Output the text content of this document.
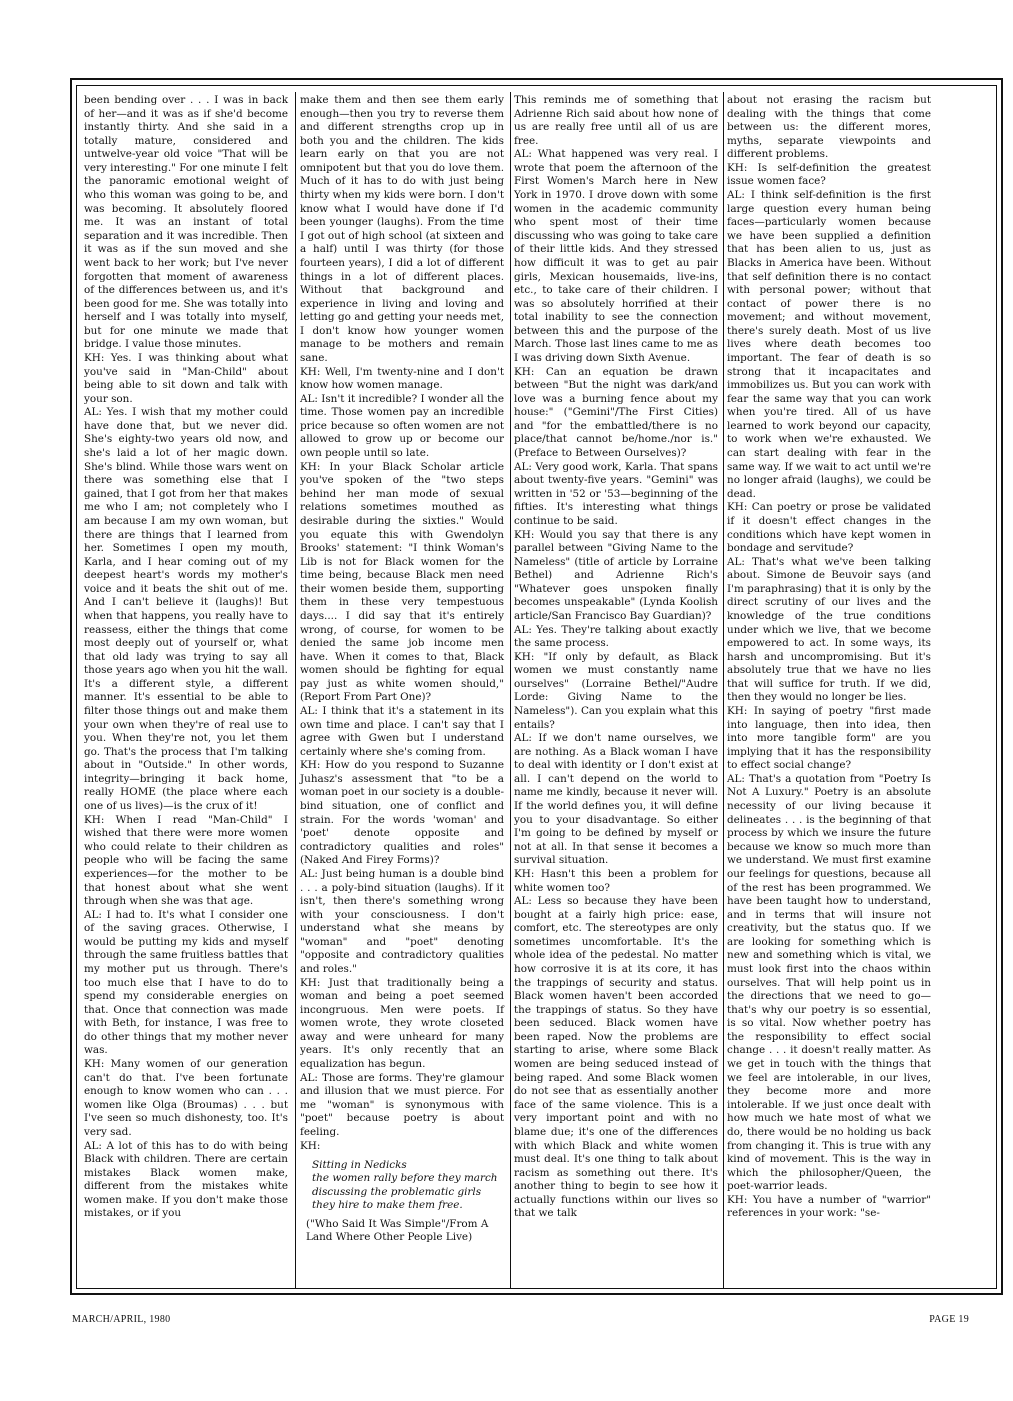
been bending over . . . I was in back of her—and it was as if she'd become instantly thirty. And she said in a totally mature, considered and untwelve-year old voice "That will be very interesting." For one minute I felt the panoramic emotional weight of who this woman was going to be, and was becoming. It absolutely floored me. It was an instant of total separation and it was incredible. Then it was as if the sun moved and she went back to her work; but I've never forgotten that moment of awareness of the differences between us, and it's been good for me. She was totally into herself and I was totally into myself, but for one minute we made that bridge. I value those minutes.

KH: Yes. I was thinking about what you've said in "Man-Child" about being able to sit down and talk with your son.

AL: Yes. I wish that my mother could have done that, but we never did. She's eighty-two years old now, and she's laid a lot of her magic down. She's blind. While those wars went on there was something else that I gained, that I got from her that makes me who I am; not completely who I am because I am my own woman, but there are things that I learned from her. Sometimes I open my mouth, Karla, and I hear coming out of my deepest heart's words my mother's voice and it beats the shit out of me. And I can't believe it (laughs)! But when that happens, you really have to reassess, either the things that come most deeply out of yourself or, what that old lady was trying to say all those years ago when you hit the wall. It's a different style, a different manner. It's essential to be able to filter those things out and make them your own when they're of real use to you. When they're not, you let them go. That's the process that I'm talking about in "Outside." In other words, integrity—bringing it back home, really HOME (the place where each one of us lives)—is the crux of it!

KH: When I read "Man-Child" I wished that there were more women who could relate to their children as people who will be facing the same experiences—for the mother to be that honest about what she went through when she was that age.

AL: I had to. It's what I consider one of the saving graces. Otherwise, I would be putting my kids and myself through the same fruitless battles that my mother put us through. There's too much else that I have to do to spend my considerable energies on that. Once that connection was made with Beth, for instance, I was free to do other things that my mother never was.

KH: Many women of our generation can't do that. I've been fortunate enough to know women who can . . . women like Olga (Broumas) . . . but I've seen so much dishonesty, too. It's very sad.

AL: A lot of this has to do with being Black with children. There are certain mistakes Black women make, different from the mistakes white women make. If you don't make those mistakes, or if you

make them and then see them early enough—then you try to reverse them and different strengths crop up in both you and the children. The kids learn early on that you are not omnipotent but that you do love them. Much of it has to do with just being thirty when my kids were born. I don't know what I would have done if I'd been younger (laughs). From the time I got out of high school (at sixteen and a half) until I was thirty (for those fourteen years), I did a lot of different things in a lot of different places. Without that background and experience in living and loving and letting go and getting your needs met, I don't know how younger women manage to be mothers and remain sane.

KH: Well, I'm twenty-nine and I don't know how women manage.

AL: Isn't it incredible? I wonder all the time. Those women pay an incredible price because so often women are not allowed to grow up or become our own people until so late.

KH: In your Black Scholar article you've spoken of the "two steps behind her man mode of sexual relations sometimes mouthed as desirable during the sixties." Would you equate this with Gwendolyn Brooks' statement: "I think Woman's Lib is not for Black women for the time being, because Black men need their women beside them, supporting them in these very tempestuous days.... I did say that it's entirely wrong, of course, for women to be denied the same job income men have. When it comes to that, Black women should be fighting for equal pay just as white women should," (Report From Part One)?

AL: I think that it's a statement in its own time and place. I can't say that I agree with Gwen but I understand certainly where she's coming from.

KH: How do you respond to Suzanne Juhasz's assessment that "to be a woman poet in our society is a double-bind situation, one of conflict and strain. For the words 'woman' and 'poet' denote opposite and contradictory qualities and roles" (Naked And Firey Forms)?

AL: Just being human is a double bind . . . a poly-bind situation (laughs). If it isn't, then there's something wrong with your consciousness. I don't understand what she means by "woman" and "poet" denoting "opposite and contradictory qualities and roles."

KH: Just that traditionally being a woman and being a poet seemed incongruous. Men were poets. If women wrote, they wrote closeted away and were unheard for many years. It's only recently that an equalization has begun.

AL: Those are forms. They're glamour and illusion that we must pierce. For me "woman" is synonymous with "poet" because poetry is about feeling.

KH:

Sitting in Nedicks
the women rally before they march
discussing the problematic girls
they hire to make them free.

("Who Said It Was Simple"/From A Land Where Other People Live)

This reminds me of something that Adrienne Rich said about how none of us are really free until all of us are free.

AL: What happened was very real. I wrote that poem the afternoon of the First Women's March here in New York in 1970. I drove down with some women in the academic community who spent most of their time discussing who was going to take care of their little kids. And they stressed how difficult it was to get au pair girls, Mexican housemaids, live-ins, etc., to take care of their children. I was so absolutely horrified at their total inability to see the connection between this and the purpose of the March. Those last lines came to me as I was driving down Sixth Avenue.

KH: Can an equation be drawn between "But the night was dark/and love was a burning fence about my house:" ("Gemini"/The First Cities) and "for the embattled/there is no place/that cannot be/home./nor is." (Preface to Between Ourselves)?

AL: Very good work, Karla. That spans about twenty-five years. "Gemini" was written in '52 or '53—beginning of the fifties. It's interesting what things continue to be said.

KH: Would you say that there is any parallel between "Giving Name to the Nameless" (title of article by Lorraine Bethel) and Adrienne Rich's "Whatever goes unspoken finally becomes unspeakable" (Lynda Koolish article/San Francisco Bay Guardian)?

AL: Yes. They're talking about exactly the same process.

KH: "If only by default, as Black women we must constantly name ourselves" (Lorraine Bethel/"Audre Lorde: Giving Name to the Nameless"). Can you explain what this entails?

AL: If we don't name ourselves, we are nothing. As a Black woman I have to deal with identity or I don't exist at all. I can't depend on the world to name me kindly, because it never will. If the world defines you, it will define you to your disadvantage. So either I'm going to be defined by myself or not at all. In that sense it becomes a survival situation.

KH: Hasn't this been a problem for white women too?

AL: Less so because they have been bought at a fairly high price: ease, comfort, etc. The stereotypes are only sometimes uncomfortable. It's the whole idea of the pedestal. No matter how corrosive it is at its core, it has the trappings of security and status. Black women haven't been accorded the trappings of status. So they have been seduced. Black women have been raped. Now the problems are starting to arise, where some Black women are being seduced instead of being raped. And some Black women do not see that as essentially another face of the same violence. This is a very important point and with no blame due; it's one of the differences with which Black and white women must deal. It's one thing to talk about racism as something out there. It's another thing to begin to see how it actually functions within our lives so that we talk

about not erasing the racism but dealing with the things that come between us: the different mores, myths, separate viewpoints and different problems.

KH: Is self-definition the greatest issue women face?

AL: I think self-definition is the first large question every human being faces—particularly women because we have been supplied a definition that has been alien to us, just as Blacks in America have been. Without that self definition there is no contact with personal power; without that contact of power there is no movement; and without movement, there's surely death. Most of us live lives where death becomes too important. The fear of death is so strong that it incapacitates and immobilizes us. But you can work with fear the same way that you can work when you're tired. All of us have learned to work beyond our capacity, to work when we're exhausted. We can start dealing with fear in the same way. If we wait to act until we're no longer afraid (laughs), we could be dead.

KH: Can poetry or prose be validated if it doesn't effect changes in the conditions which have kept women in bondage and servitude?

AL: That's what we've been talking about. Simone de Beuvoir says (and I'm paraphrasing) that it is only by the direct scrutiny of our lives and the knowledge of the true conditions under which we live, that we become empowered to act. In some ways, its harsh and uncompromising. But it's absolutely true that we have no lies that will suffice for truth. If we did, then they would no longer be lies.

KH: In saying of poetry "first made into language, then into idea, then into more tangible form" are you implying that it has the responsibility to effect social change?

AL: That's a quotation from "Poetry Is Not A Luxury." Poetry is an absolute necessity of our living because it delineates . . . is the beginning of that process by which we insure the future because we know so much more than we understand. We must first examine our feelings for questions, because all of the rest has been programmed. We have been taught how to understand, and in terms that will insure not creativity, but the status quo. If we are looking for something which is new and something which is vital, we must look first into the chaos within ourselves. That will help point us in the directions that we need to go—that's why our poetry is so essential, is so vital. Now whether poetry has the responsibility to effect social change . . . it doesn't really matter. As we get in touch with the things that we feel are intolerable, in our lives, they become more and more intolerable. If we just once dealt with how much we hate most of what we do, there would be no holding us back from changing it. This is true with any kind of movement. This is the way in which the philosopher/Queen, the poet-warrior leads.

KH: You have a number of "warrior" references in your work: "se-

MARCH/APRIL, 1980	PAGE 19
